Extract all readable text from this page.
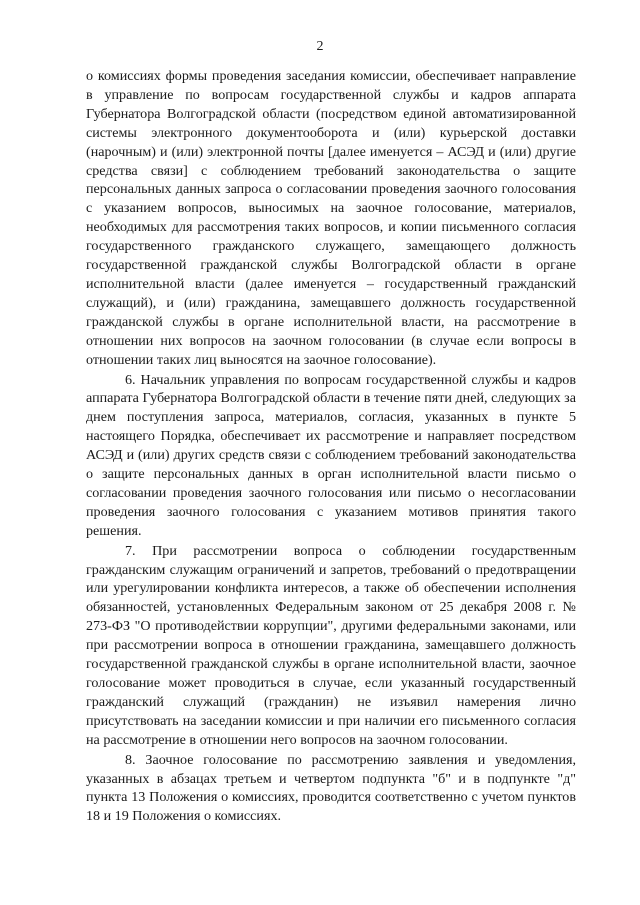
2

о комиссиях формы проведения заседания комиссии, обеспечивает направление в управление по вопросам государственной службы и кадров аппарата Губернатора Волгоградской области (посредством единой автоматизированной системы электронного документооборота и (или) курьерской доставки (нарочным) и (или) электронной почты [далее именуется – АСЭД и (или) другие средства связи] с соблюдением требований законодательства о защите персональных данных запроса о согласовании проведения заочного голосования с указанием вопросов, выносимых на заочное голосование, материалов, необходимых для рассмотрения таких вопросов, и копии письменного согласия государственного гражданского служащего, замещающего должность государственной гражданской службы Волгоградской области в органе исполнительной власти (далее именуется – государственный гражданский служащий), и (или) гражданина, замещавшего должность государственной гражданской службы в органе исполнительной власти, на рассмотрение в отношении них вопросов на заочном голосовании (в случае если вопросы в отношении таких лиц выносятся на заочное голосование).

6. Начальник управления по вопросам государственной службы и кадров аппарата Губернатора Волгоградской области в течение пяти дней, следующих за днем поступления запроса, материалов, согласия, указанных в пункте 5 настоящего Порядка, обеспечивает их рассмотрение и направляет посредством АСЭД и (или) других средств связи с соблюдением требований законодательства о защите персональных данных в орган исполнительной власти письмо о согласовании проведения заочного голосования или письмо о несогласовании проведения заочного голосования с указанием мотивов принятия такого решения.

7. При рассмотрении вопроса о соблюдении государственным гражданским служащим ограничений и запретов, требований о предотвращении или урегулировании конфликта интересов, а также об обеспечении исполнения обязанностей, установленных Федеральным законом от 25 декабря 2008 г. № 273-ФЗ "О противодействии коррупции", другими федеральными законами, или при рассмотрении вопроса в отношении гражданина, замещавшего должность государственной гражданской службы в органе исполнительной власти, заочное голосование может проводиться в случае, если указанный государственный гражданский служащий (гражданин) не изъявил намерения лично присутствовать на заседании комиссии и при наличии его письменного согласия на рассмотрение в отношении него вопросов на заочном голосовании.

8. Заочное голосование по рассмотрению заявления и уведомления, указанных в абзацах третьем и четвертом подпункта "б" и в подпункте "д" пункта 13 Положения о комиссиях, проводится соответственно с учетом пунктов 18 и 19 Положения о комиссиях.
